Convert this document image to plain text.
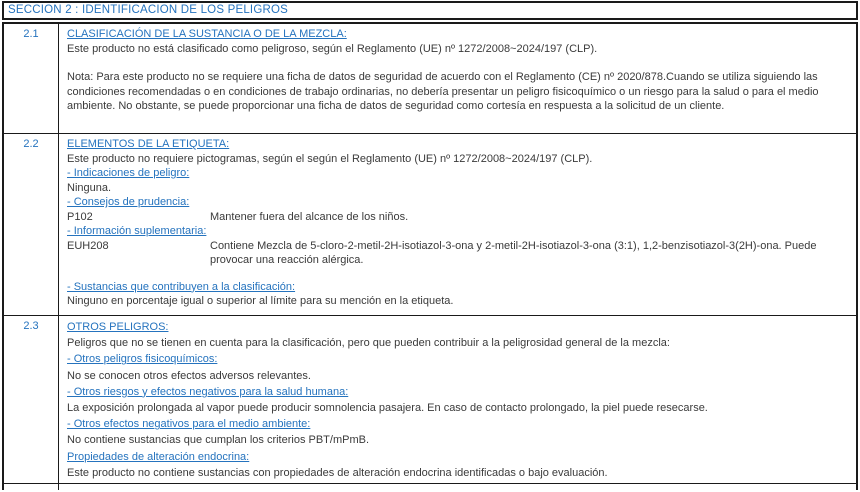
SECCION 2 : IDENTIFICACION DE LOS PELIGROS
2.1	CLASIFICACIÓN DE LA SUSTANCIA O DE LA MEZCLA:
Este producto no está clasificado como peligroso, según el Reglamento (UE) nº 1272/2008~2024/197 (CLP).
Nota: Para este producto no se requiere una ficha de datos de seguridad de acuerdo con el Reglamento (CE) nº 2020/878.Cuando se utiliza siguiendo las condiciones recomendadas o en condiciones de trabajo ordinarias, no debería presentar un peligro fisicoquímico o un riesgo para la salud o para el medio ambiente. No obstante, se puede proporcionar una ficha de datos de seguridad como cortesía en respuesta a la solicitud de un cliente.
2.2	ELEMENTOS DE LA ETIQUETA:
Este producto no requiere pictogramas, según el según el Reglamento (UE) nº 1272/2008~2024/197 (CLP).
- Indicaciones de peligro:
Ninguna.
- Consejos de prudencia:
P102	Mantener fuera del alcance de los niños.
- Información suplementaria:
EUH208	Contiene Mezcla de 5-cloro-2-metil-2H-isotiazol-3-ona y 2-metil-2H-isotiazol-3-ona (3:1), 1,2-benzisotiazol-3(2H)-ona. Puede provocar una reacción alérgica.
- Sustancias que contribuyen a la clasificación:
Ninguno en porcentaje igual o superior al límite para su mención en la etiqueta.
2.3	OTROS PELIGROS:
Peligros que no se tienen en cuenta para la clasificación, pero que pueden contribuir a la peligrosidad general de la mezcla:
- Otros peligros fisicoquímicos:
No se conocen otros efectos adversos relevantes.
- Otros riesgos y efectos negativos para la salud humana:
La exposición prolongada al vapor puede producir somnolencia pasajera. En caso de contacto prolongado, la piel puede resecarse.
- Otros efectos negativos para el medio ambiente:
No contiene sustancias que cumplan los criterios PBT/mPmB.
Propiedades de alteración endocrina:
Este producto no contiene sustancias con propiedades de alteración endocrina identificadas o bajo evaluación.
